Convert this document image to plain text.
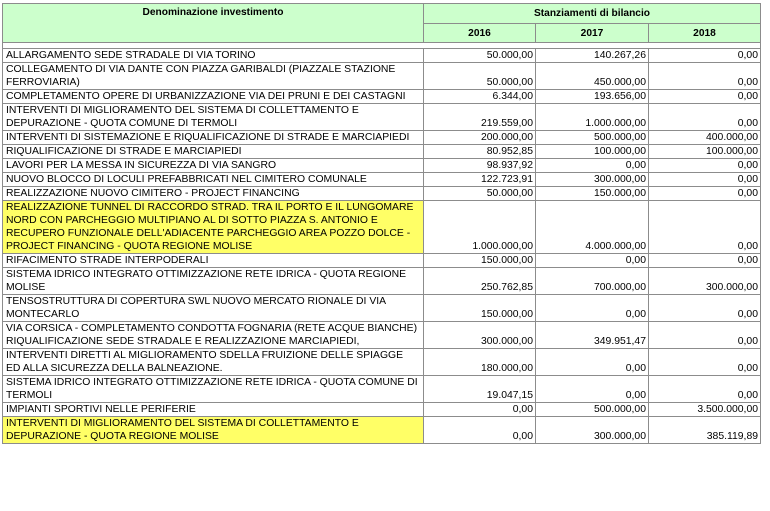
Denominazione investimento	Stanziamenti di bilancio		
	2016	2017	2018

ALLARGAMENTO SEDE STRADALE DI VIA TORINO	50.000,00	140.267,26	0,00
COLLEGAMENTO DI VIA DANTE CON PIAZZA GARIBALDI (PIAZZALE STAZIONE FERROVIARIA)	50.000,00	450.000,00	0,00
COMPLETAMENTO OPERE DI URBANIZZAZIONE VIA DEI PRUNI E DEI CASTAGNI	6.344,00	193.656,00	0,00
INTERVENTI DI MIGLIORAMENTO DEL SISTEMA DI COLLETTAMENTO E DEPURAZIONE - QUOTA COMUNE DI TERMOLI	219.559,00	1.000.000,00	0,00
INTERVENTI DI SISTEMAZIONE E RIQUALIFICAZIONE DI STRADE E MARCIAPIEDI	200.000,00	500.000,00	400.000,00
RIQUALIFICAZIONE DI STRADE E MARCIAPIEDI	80.952,85	100.000,00	100.000,00
LAVORI PER LA MESSA IN SICUREZZA DI VIA SANGRO	98.937,92	0,00	0,00
NUOVO BLOCCO DI LOCULI PREFABBRICATI NEL CIMITERO COMUNALE	122.723,91	300.000,00	0,00
REALIZZAZIONE NUOVO CIMITERO - PROJECT FINANCING	50.000,00	150.000,00	0,00
REALIZZAZIONE TUNNEL DI RACCORDO STRAD. TRA IL PORTO E IL LUNGOMARE NORD CON PARCHEGGIO MULTIPIANO AL DI SOTTO PIAZZA S. ANTONIO E RECUPERO FUNZIONALE DELL'ADIACENTE PARCHEGGIO AREA POZZO DOLCE - PROJECT FINANCING - QUOTA REGIONE MOLISE	1.000.000,00	4.000.000,00	0,00
RIFACIMENTO STRADE INTERPODERALI	150.000,00	0,00	0,00
SISTEMA IDRICO INTEGRATO OTTIMIZZAZIONE RETE IDRICA - QUOTA REGIONE MOLISE	250.762,85	700.000,00	300.000,00
TENSOSTRUTTURA DI COPERTURA SWL NUOVO MERCATO RIONALE DI VIA MONTECARLO	150.000,00	0,00	0,00
VIA CORSICA - COMPLETAMENTO CONDOTTA FOGNARIA (RETE ACQUE BIANCHE) RIQUALIFICAZIONE SEDE STRADALE E REALIZZAZIONE MARCIAPIEDI,	300.000,00	349.951,47	0,00
INTERVENTI DIRETTI AL MIGLIORAMENTO SDELLA FRUIZIONE DELLE SPIAGGE ED ALLA SICUREZZA DELLA BALNEAZIONE.	180.000,00	0,00	0,00
SISTEMA IDRICO INTEGRATO OTTIMIZZAZIONE RETE IDRICA - QUOTA COMUNE DI TERMOLI	19.047,15	0,00	0,00
IMPIANTI SPORTIVI NELLE PERIFERIE	0,00	500.000,00	3.500.000,00
INTERVENTI DI MIGLIORAMENTO DEL SISTEMA DI COLLETTAMENTO E DEPURAZIONE - QUOTA REGIONE MOLISE	0,00	300.000,00	385.119,89
